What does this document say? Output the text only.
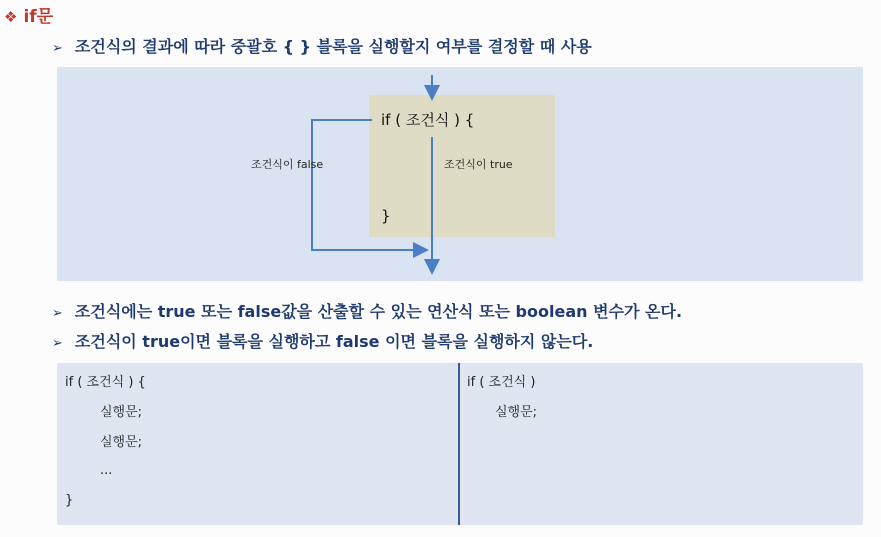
❖ if문
➢ 조건식의 결과에 따라 중괄호 { } 블록을 실행할지 여부를 결정할 때 사용
if ( 조건식 ) {
}
조건식이 false	조건식이 true
➢ 조건식에는 true 또는 false값을 산출할 수 있는 연산식 또는 boolean 변수가 온다.
➢ 조건식이 true이면 블록을 실행하고 false 이면 블록을 실행하지 않는다.
if ( 조건식 ) {
실행문;
실행문;
...
}
if ( 조건식 )
실행문;
